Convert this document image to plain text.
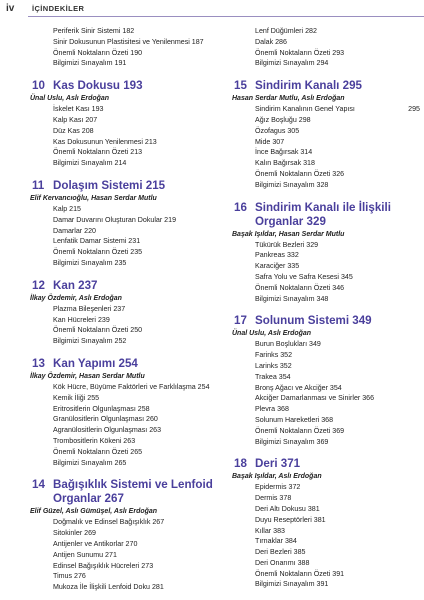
iv İÇİNDEKİLER
Periferik Sinir Sistemi 182
Sinir Dokusunun Plastisitesi ve Yenilenmesi 187
Önemli Noktaların Özeti 190
Bilgimizi Sınayalım 191
10 Kas Dokusu 193
Ünal Uslu, Aslı Erdoğan
İskelet Kası 193
Kalp Kası 207
Düz Kas 208
Kas Dokusunun Yenilenmesi 213
Önemli Noktaların Özeti 213
Bilgimizi Sınayalım 214
11 Dolaşım Sistemi 215
Elif Kervancıoğlu, Hasan Serdar Mutlu
Kalp 215
Damar Duvarını Oluşturan Dokular 219
Damarlar 220
Lenfatik Damar Sistemi 231
Önemli Noktaların Özeti 235
Bilgimizi Sınayalım 235
12 Kan 237
İlkay Özdemir, Aslı Erdoğan
Plazma Bileşenleri 237
Kan Hücreleri 239
Önemli Noktaların Özeti 250
Bilgimizi Sınayalım 252
13 Kan Yapımı 254
İlkay Özdemir, Hasan Serdar Mutlu
Kök Hücre, Büyüme Faktörleri ve Farklılaşma 254
Kemik İliği 255
Eritrositlerin Olgunlaşması 258
Granülositlerin Olgunlaşması 260
Agranülositlerin Olgunlaşması 263
Trombositlerin Kökeni 263
Önemli Noktaların Özeti 265
Bilgimizi Sınayalım 265
14 Bağışıklık Sistemi ve Lenfoid Organlar 267
Elif Güzel, Aslı Gümüşel, Aslı Erdoğan
Doğmalık ve Edinsel Bağışıklık 267
Sitokinler 269
Antijenler ve Antikorlar 270
Antijen Sunumu 271
Edinsel Bağışıklık Hücreleri 273
Timus 276
Mukoza İle İlişkili Lenfoid Doku 281
Lenf Düğümleri 282
Dalak 286
Önemli Noktaların Özeti 293
Bilgimizi Sınayalım 294
15 Sindirim Kanalı 295
Hasan Serdar Mutlu, Aslı Erdoğan
Sindirim Kanalının Genel Yapısı	295
Ağız Boşluğu 298
Özofagus 305
Mide 307
İnce Bağırsak 314
Kalın Bağırsak 318
Önemli Noktaların Özeti 326
Bilgimizi Sınayalım 328
16 Sindirim Kanalı ile İlişkili Organlar 329
Başak Işıldar, Hasan Serdar Mutlu
Tükürük Bezleri 329
Pankreas 332
Karaciğer 335
Safra Yolu ve Safra Kesesi 345
Önemli Noktaların Özeti 346
Bilgimizi Sınayalım 348
17 Solunum Sistemi 349
Ünal Uslu, Aslı Erdoğan
Burun Boşlukları 349
Farinks 352
Larinks 352
Trakea 354
Bronş Ağacı ve Akciğer 354
Akciğer Damarlanması ve Sinirler 366
Plevra 368
Solunum Hareketleri 368
Önemli Noktaların Özeti 369
Bilgimizi Sınayalım 369
18 Deri 371
Başak Işıldar, Aslı Erdoğan
Epidermis 372
Dermis 378
Deri Altı Dokusu 381
Duyu Reseptörleri 381
Kıllar 383
Tırnaklar 384
Deri Bezleri 385
Deri Onarımı 388
Önemli Noktaların Özeti 391
Bilgimizi Sınayalım 391
